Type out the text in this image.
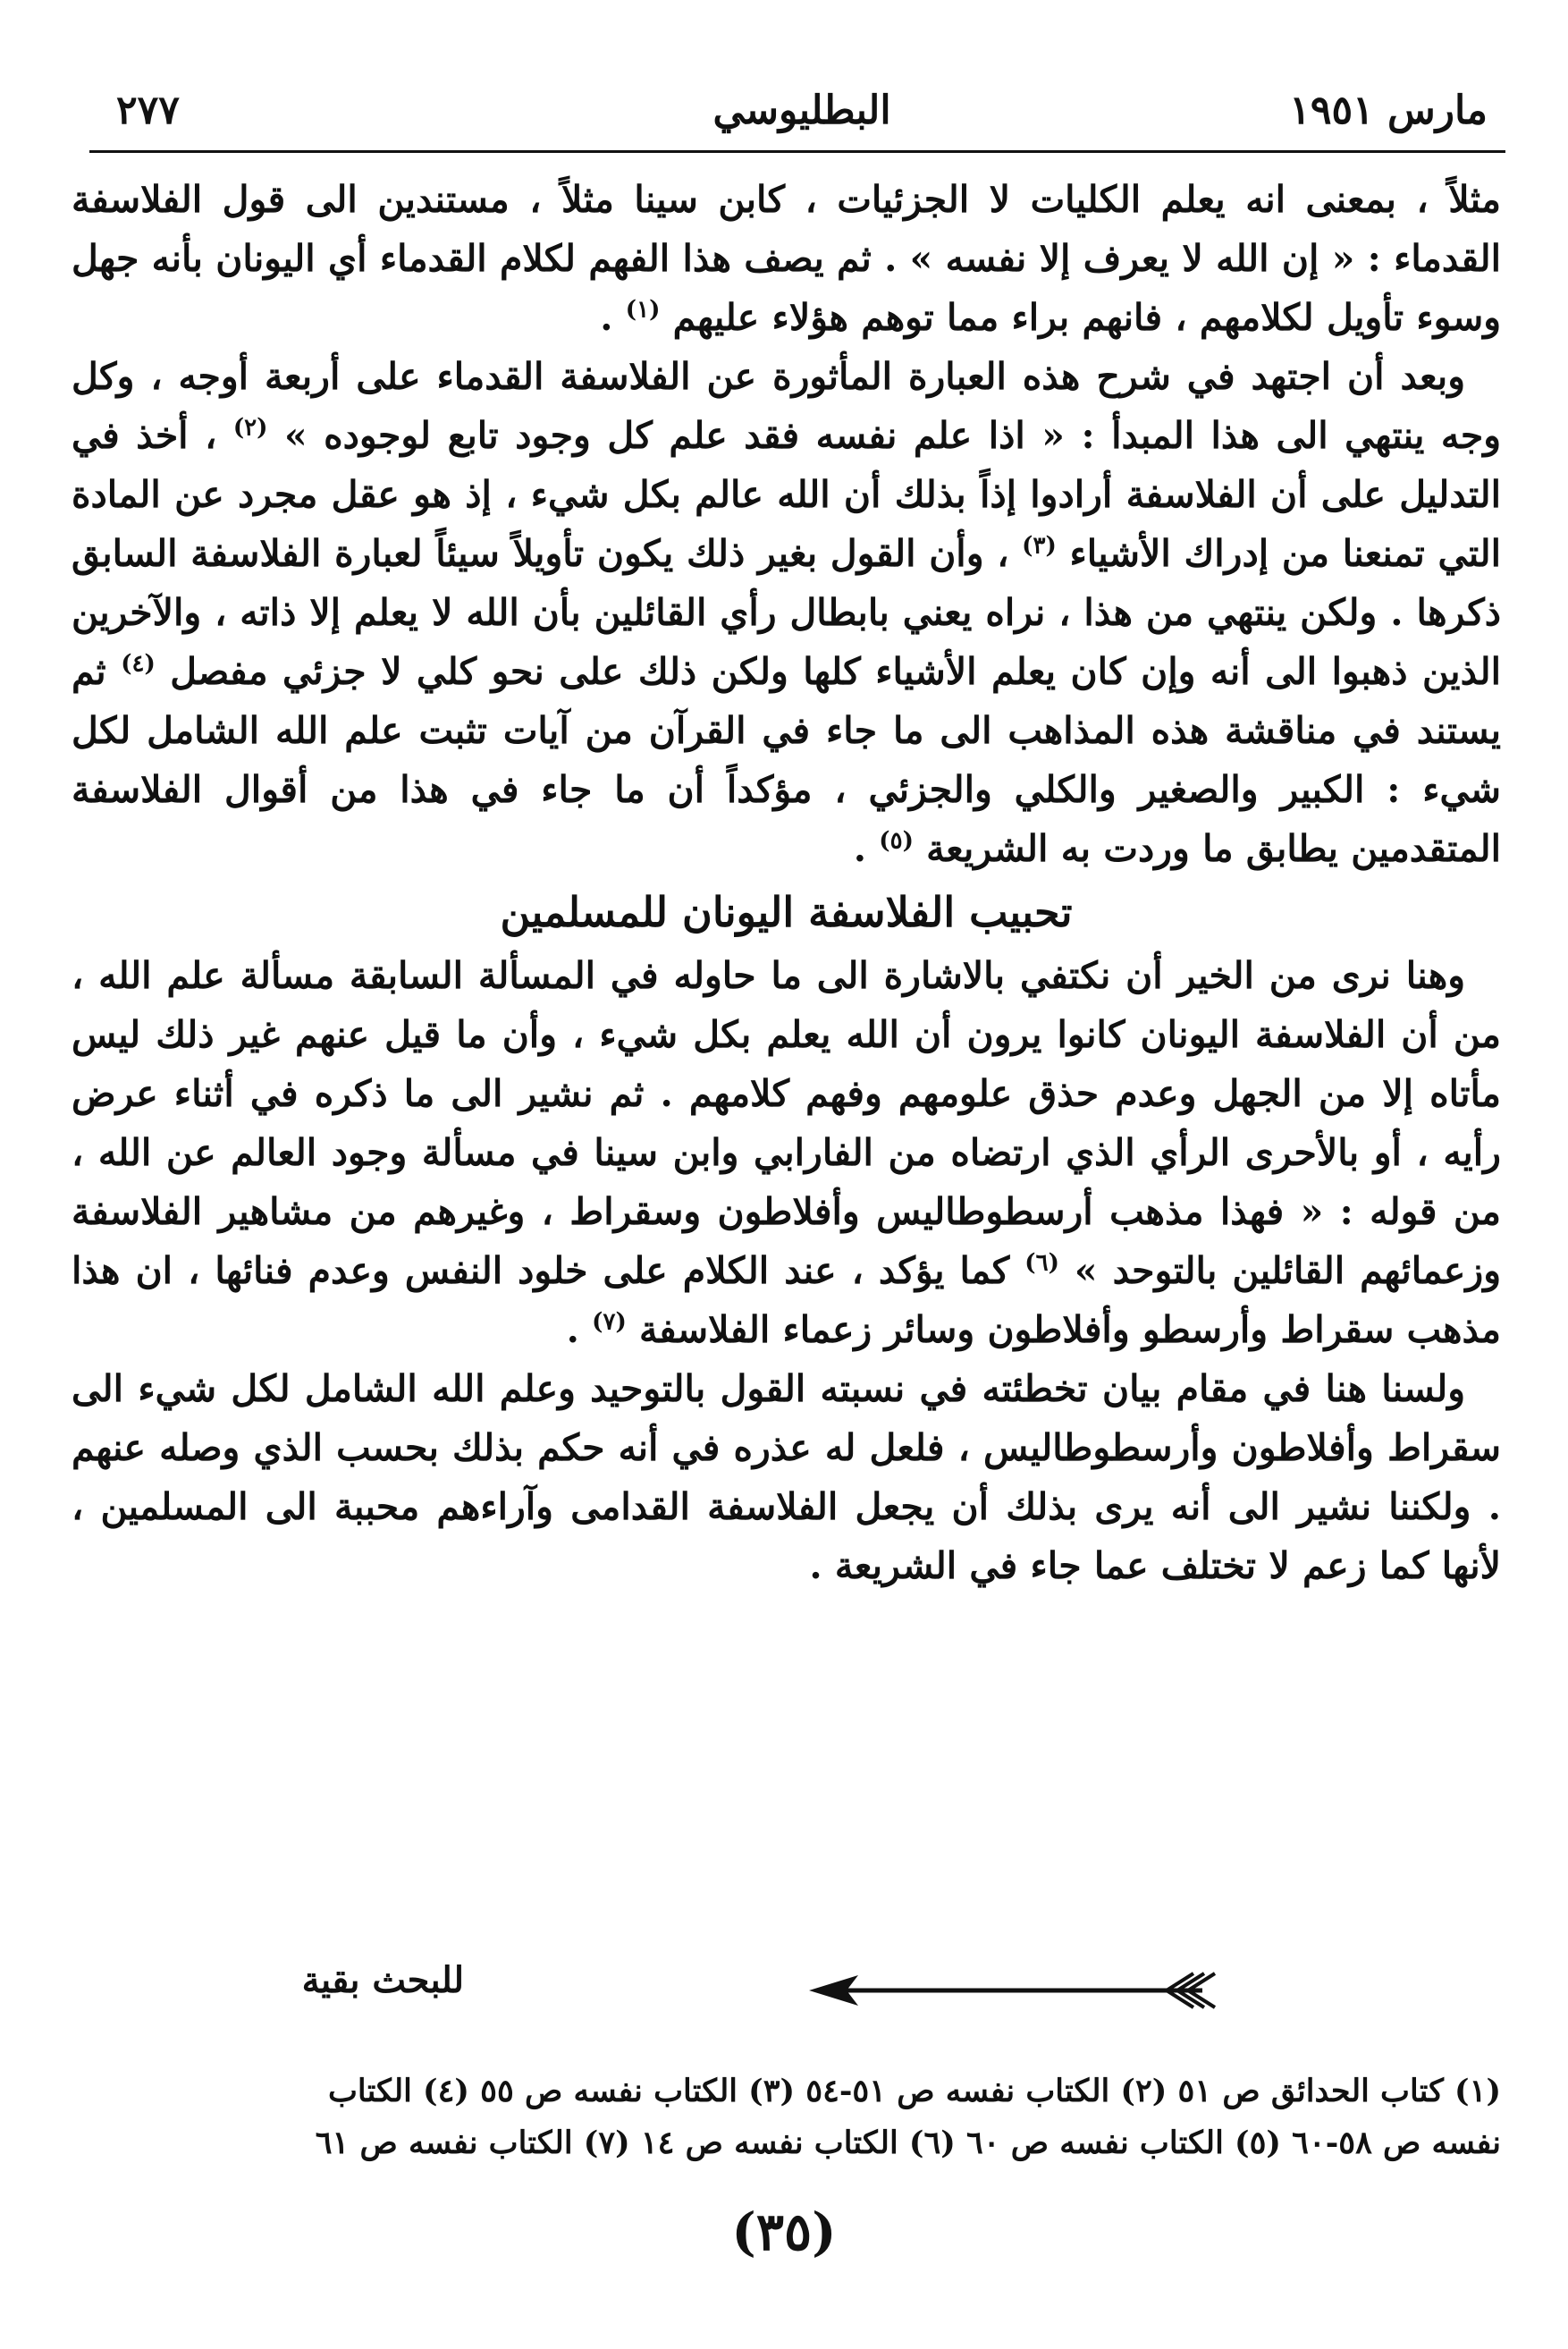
مارس ١٩٥١
البطليوسي
٢٧٧

مثلاً ، بمعنى انه يعلم الكليات لا الجزئيات ، كابن سينا مثلاً ، مستندين الى قول الفلاسفة القدماء : « إن الله لا يعرف إلا نفسه » . ثم يصف هذا الفهم لكلام القدماء أي اليونان بأنه جهل وسوء تأويل لكلامهم ، فانهم براء مما توهم هؤلاء عليهم $^{(١)}$ .

وبعد أن اجتهد في شرح هذه العبارة المأثورة عن الفلاسفة القدماء على أربعة أوجه ، وكل وجه ينتهي الى هذا المبدأ : « اذا علم نفسه فقد علم كل وجود تابع لوجوده » $^{(٢)}$ ، أخذ في التدليل على أن الفلاسفة أرادوا إذاً بذلك أن الله عالم بكل شيء ، إذ هو عقل مجرد عن المادة التي تمنعنا من إدراك الأشياء $^{(٣)}$ ، وأن القول بغير ذلك يكون تأويلاً سيئاً لعبارة الفلاسفة السابق ذكرها . ولكن ينتهي من هذا ، نراه يعني بابطال رأي القائلين بأن الله لا يعلم إلا ذاته ، والآخرين الذين ذهبوا الى أنه وإن كان يعلم الأشياء كلها ولكن ذلك على نحو كلي لا جزئي مفصل $^{(٤)}$ ثم يستند في مناقشة هذه المذاهب الى ما جاء في القرآن من آيات تثبت علم الله الشامل لكل شيء : الكبير والصغير والكلي والجزئي ، مؤكداً أن ما جاء في هذا من أقوال الفلاسفة المتقدمين يطابق ما وردت به الشريعة $^{(٥)}$ .

تحبيب الفلاسفة اليونان للمسلمين

وهنا نرى من الخير أن نكتفي بالاشارة الى ما حاوله في المسألة السابقة مسألة علم الله ، من أن الفلاسفة اليونان كانوا يرون أن الله يعلم بكل شيء ، وأن ما قيل عنهم غير ذلك ليس مأتاه إلا من الجهل وعدم حذق علومهم وفهم كلامهم . ثم نشير الى ما ذكره في أثناء عرض رأيه ، أو بالأحرى الرأي الذي ارتضاه من الفارابي وابن سينا في مسألة وجود العالم عن الله ، من قوله : « فهذا مذهب أرسطوطاليس وأفلاطون وسقراط ، وغيرهم من مشاهير الفلاسفة وزعمائهم القائلين بالتوحد » $^{(٦)}$ كما يؤكد ، عند الكلام على خلود النفس وعدم فنائها ، ان هذا مذهب سقراط وأرسطو وأفلاطون وسائر زعماء الفلاسفة $^{(٧)}$ .

ولسنا هنا في مقام بيان تخطئته في نسبته القول بالتوحيد وعلم الله الشامل لكل شيء الى سقراط وأفلاطون وأرسطوطاليس ، فلعل له عذره في أنه حكم بذلك بحسب الذي وصله عنهم . ولكننا نشير الى أنه يرى بذلك أن يجعل الفلاسفة القدامى وآراءهم محببة الى المسلمين ، لأنها كما زعم لا تختلف عما جاء في الشريعة .

للبحث بقية
(١) كتاب الحدائق ص ٥١ (٢) الكتاب نفسه ص ٥١-٥٤ (٣) الكتاب نفسه ص ٥٥ (٤) الكتاب
نفسه ص ٥٨-٦٠ (٥) الكتاب نفسه ص ٦٠ (٦) الكتاب نفسه ص ١٤ (٧) الكتاب نفسه ص ٦١
(٣٥)
